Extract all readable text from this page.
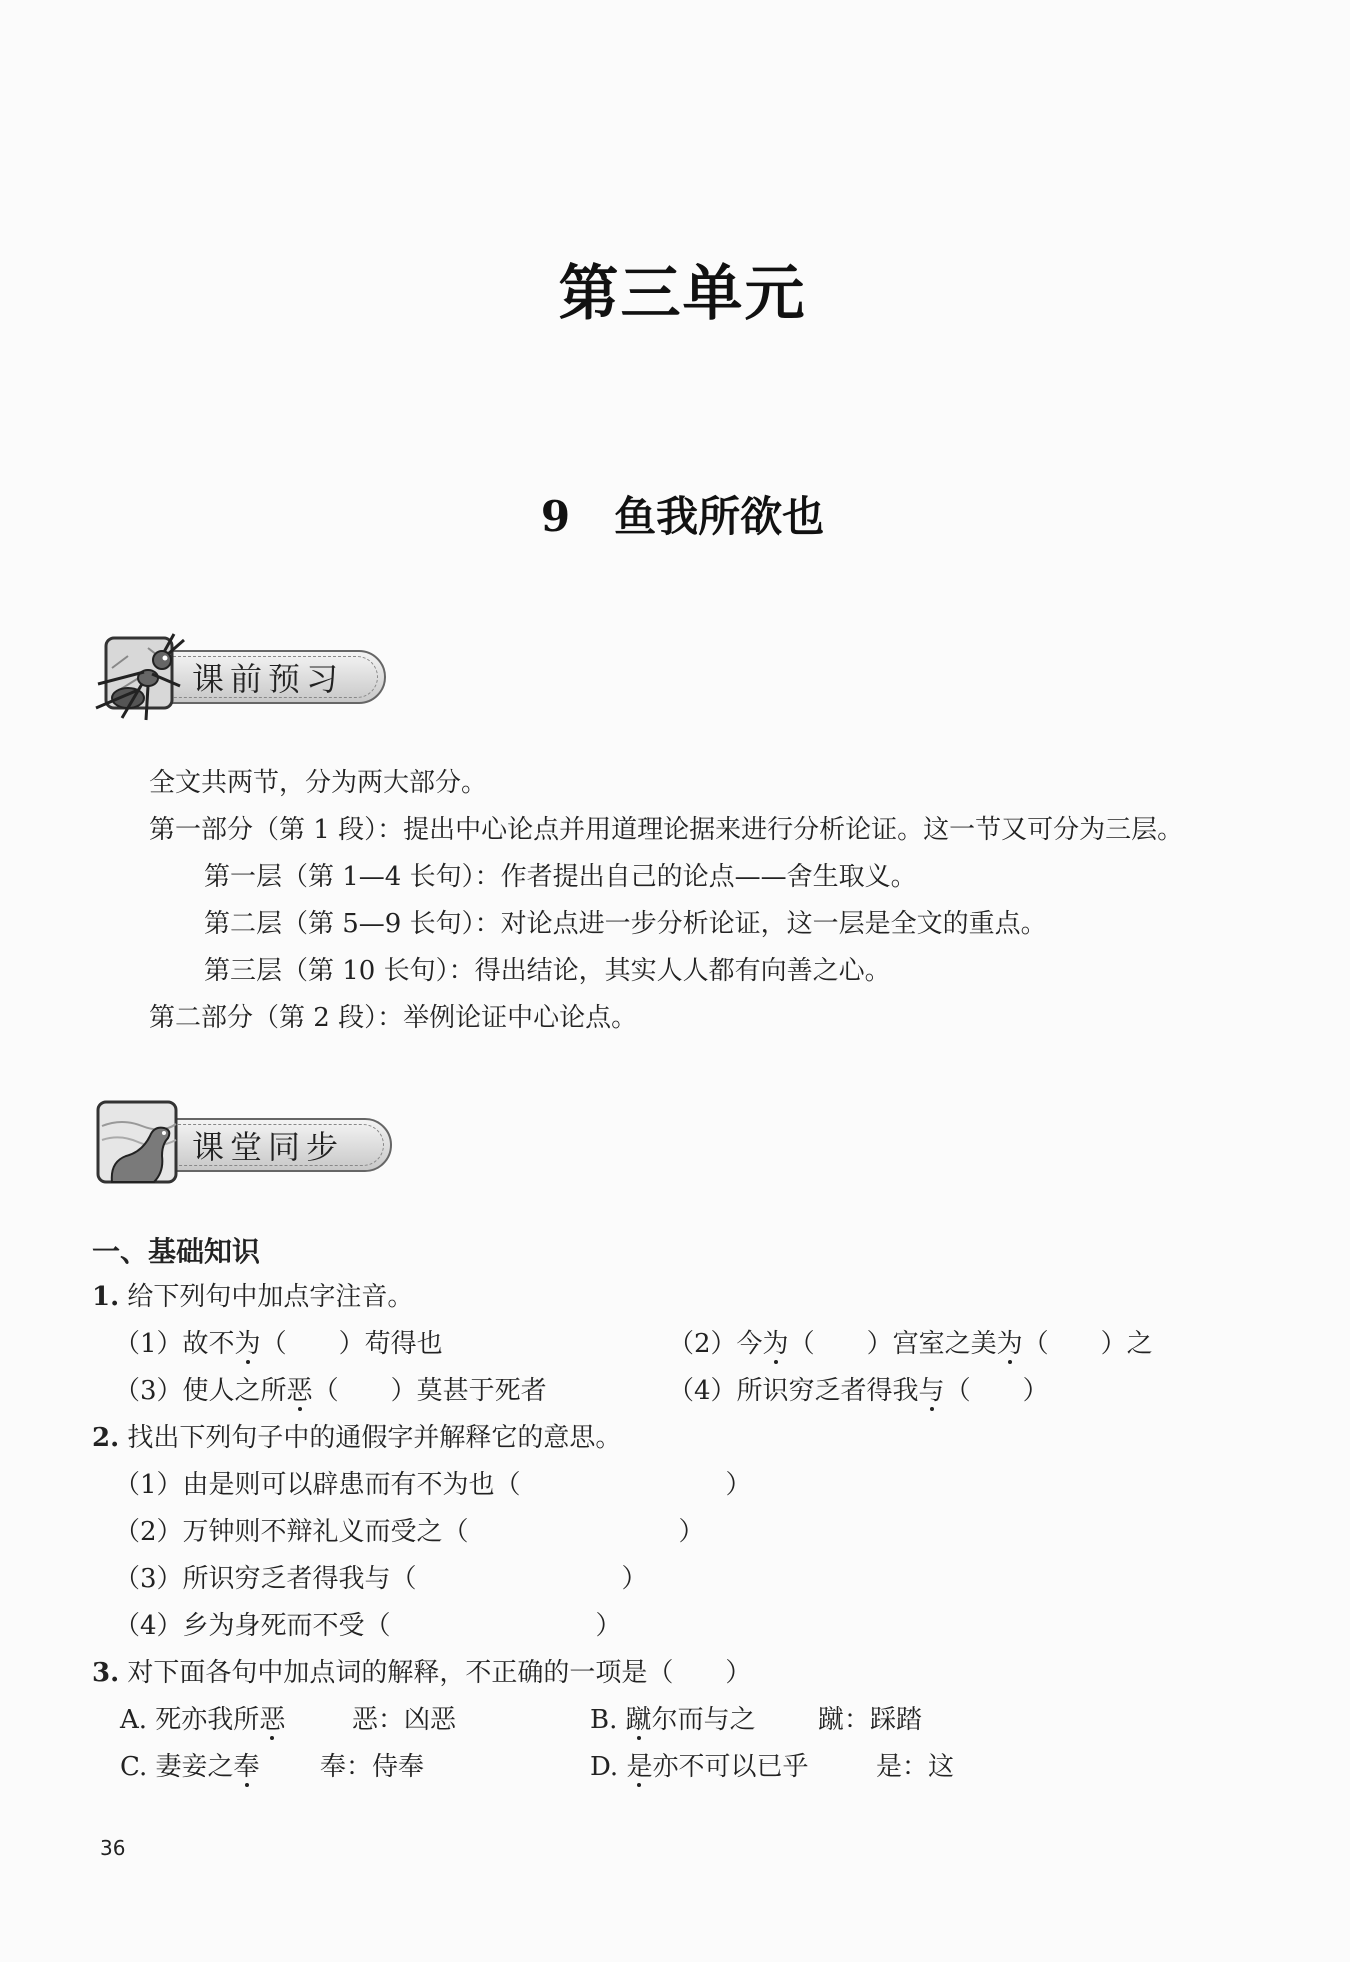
第三单元
9 鱼我所欲也
课前预习
全文共两节，分为两大部分。
第一部分（第 1 段）：提出中心论点并用道理论据来进行分析论证。这一节又可分为三层。
第一层（第 1—4 长句）：作者提出自己的论点——舍生取义。
第二层（第 5—9 长句）：对论点进一步分析论证，这一层是全文的重点。
第三层（第 10 长句）：得出结论，其实人人都有向善之心。
第二部分（第 2 段）：举例论证中心论点。
课堂同步
一、基础知识
1. 给下列句中加点字注音。
（1）故不为（　　）苟得也	（2）今为（　　）宫室之美为（　　）之
（3）使人之所恶（　　）莫甚于死者	（4）所识穷乏者得我与（　　）
2. 找出下列句子中的通假字并解释它的意思。
（1）由是则可以辟患而有不为也（	）
（2）万钟则不辩礼义而受之（	）
（3）所识穷乏者得我与（	）
（4）乡为身死而不受（	）
3. 对下面各句中加点词的解释，不正确的一项是（　　）
A. 死亦我所恶	恶：凶恶	B. 蹴尔而与之 蹴：踩踏
C. 妻妾之奉 奉：侍奉	D. 是亦不可以已乎	是：这
36
